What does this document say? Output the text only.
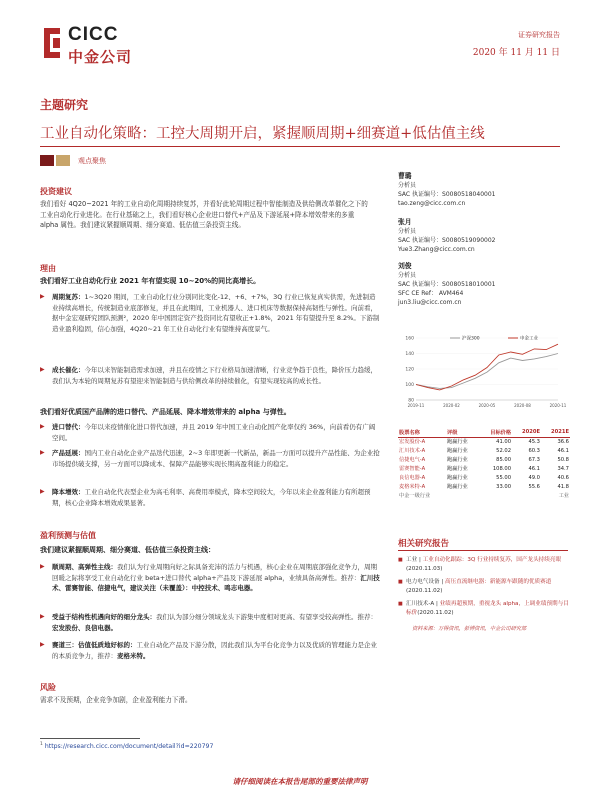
CICC
中金公司
证券研究报告
2020 年 11 月 11 日
主题研究
工业自动化策略：工控大周期开启，紧握顺周期+细赛道+低估值主线
观点聚焦
投资建议
我们看好 4Q20~2021 年的工业自动化周期持续复苏，并看好此轮周期过程中智能制造及供给侧改革催化之下的工业自动化行业进化。在行业基础之上，我们看好核心企业进口替代+产品及下游延展+降本增效带来的多重 alpha 属性。我们建议紧握顺周期、细分赛道、低估值三条投资主线。
理由
我们看好工业自动化行业 2021 年有望实现 10~20%的同比高增长。
▶ 周期复苏：1~3Q20 期间，工业自动化行业分别同比变化-12、+6、+7%，3Q 行业已恢复真实供需，先进制造业持续高增长，传统制造业底部修复，并且在此期间，工业机器人、进口机床等数据保持高韧性与弹性。向前看，据中金宏观研究团队预测²，2020 年中国固定资产投资同比有望收正+1.8%，2021 年有望提升至 8.2%。下游制造业盈利稳固，信心加强，4Q20~21 年工业自动化行业有望维持高度景气。
▶ 成长催化：今年以来智能制造需求加速，并且在疫情之下行业格局加速清晰，行业竞争趋于良性，降价压力趋缓，我们认为本轮的周期复苏有望迎来智能制造与供给侧改革的持续催化，有望实现较高的成长性。
我们看好优质国产品牌的进口替代、产品延展、降本增效带来的 alpha 与弹性。
▶ 进口替代：今年以来疫情催化进口替代加速，并且 2019 年中国工业自动化国产化率仅约 36%，向前看仍有广阔空间。
▶ 产品延展：国内工业自动化企业产品迭代迅速，2~3 年即更新一代新品，新品一方面可以提升产品性能、为企业抢市场提供破支撑，另一方面可以降成本、保障产品能够实现长期高盈利能力的稳定。
▶ 降本增效：工业自动化代表型企业为高毛利率、高费用率模式，降本空间较大，今年以来企业盈利能力有所超预期，核心企业降本增效成果显著。
盈利预测与估值
我们建议紧握顺周期、细分赛道、低估值三条投资主线：
▶ 顺周期、高弹性主线：我们认为行业周期向好之际具备充沛的活力与机遇，核心企业在周期底部强化竞争力，周期回暖之际将享受工业自动化行业 beta+进口替代 alpha+产品及下游延展 alpha，业绩具备高弹性。推荐：汇川技术、雷赛智能、信捷电气，建议关注（未覆盖）：中控技术、鸣志电器。
▶ 受益于结构性机遇向好的细分龙头：我们认为部分细分领域龙头下游集中度相对更高、有望享受较高弹性。推荐：宏发股份、良信电器。
▶ 赛道三：估值低质地好标的：工业自动化产品及下游分散，因此我们认为平台化竞争力以及优质的管理能力是企业的本质竞争力，推荐：麦格米特。
风险
需求不及预期，企业竞争加剧，企业盈利能力下滑。
曹璐
分析员
SAC 执证编号：S0080518040001
tao.zeng@cicc.com.cn
张月
分析员
SAC 执证编号：S0080519090002
Yue3.Zhang@cicc.com.cn
刘俊
分析员
SAC 执证编号：S0080518010001
SFC CE Ref： AVM464
jun3.liu@cicc.com.cn
80
100
120
140
160
2019-11	2020-02	2020-05	2020-08	2020-11
沪深300	申金工业
股票名称	评级	目标价格	2020E	2021E
宏发股份-A	跑赢行业	41.00	45.3	36.6
汇川技术-A	跑赢行业	52.02	60.3	46.1
信捷电气-A	跑赢行业	85.00	67.3	50.8
雷赛智能-A	跑赢行业	108.00	46.1	34.7
良信电器-A	跑赢行业	55.00	49.0	40.6
麦格米特-A	跑赢行业	33.00	55.6	41.8
中金一级行业				工业
相关研究报告
■ 工业 | 工业自动化跟踪：3Q 行业持续复苏，国产龙头持续亮眼(2020.11.03)
■ 电力电气设备 | 高压直流继电器：新能源车跟随的优质赛道(2020.11.02)
■ 汇川技术-A | 业绩再超预期，重视龙头 alpha，上调业绩预期与目标价(2020.11.02)
资料来源：万得资讯，彭博资讯，中金公司研究部
$^1$ https://research.cicc.com/document/detail?id=220797
请仔细阅读在本报告尾部的重要法律声明
